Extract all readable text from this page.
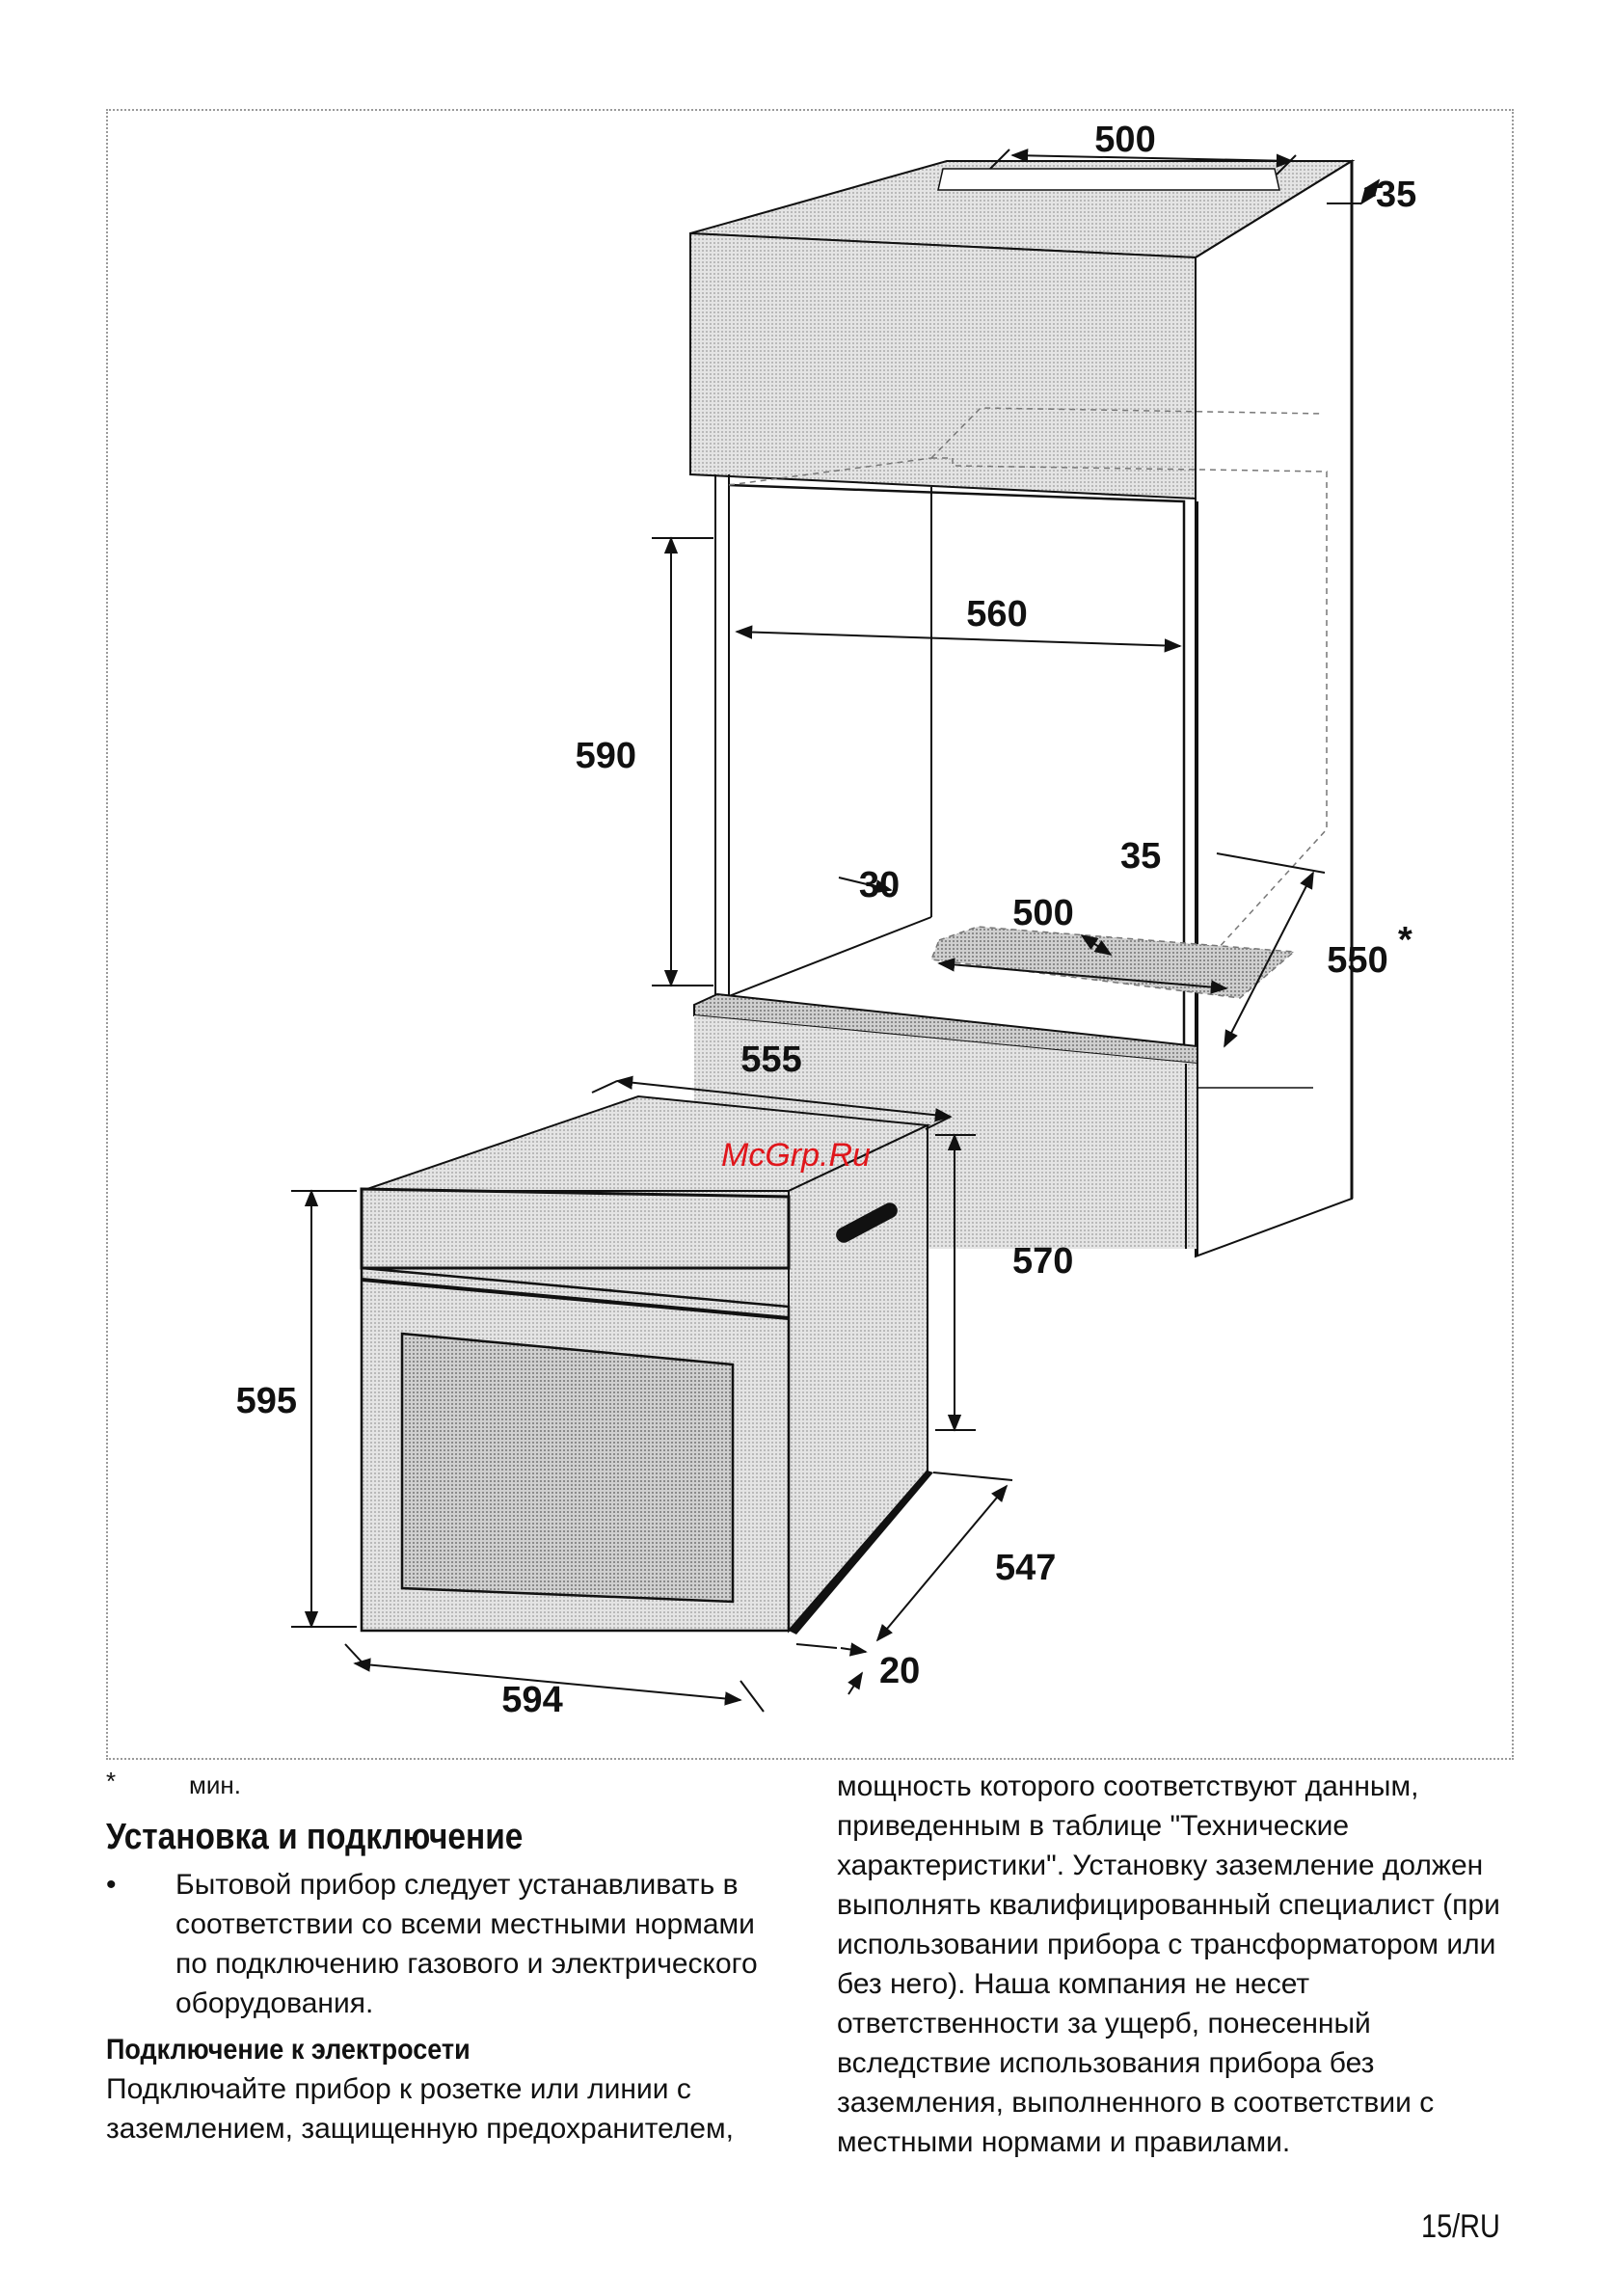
500
35
560
590
30
35
500
550 *
555
570
595
547
20
594
McGrp.Ru
*	мин.
Установка и подключение
• Бытовой прибор следует устанавливать в соответствии со всеми местными нормами по подключению газового и электрического оборудования.
Подключение к электросети

Подключайте прибор к розетке или линии с заземлением, защищенную предохранителем,

мощность которого соответствуют данным, приведенным в таблице "Технические характеристики". Установку заземление должен выполнять квалифицированный специалист (при использовании прибора с трансформатором или без него). Наша компания не несет ответственности за ущерб, понесенный вследствие использования прибора без заземления, выполненного в соответствии с местными нормами и правилами.

15/RU
